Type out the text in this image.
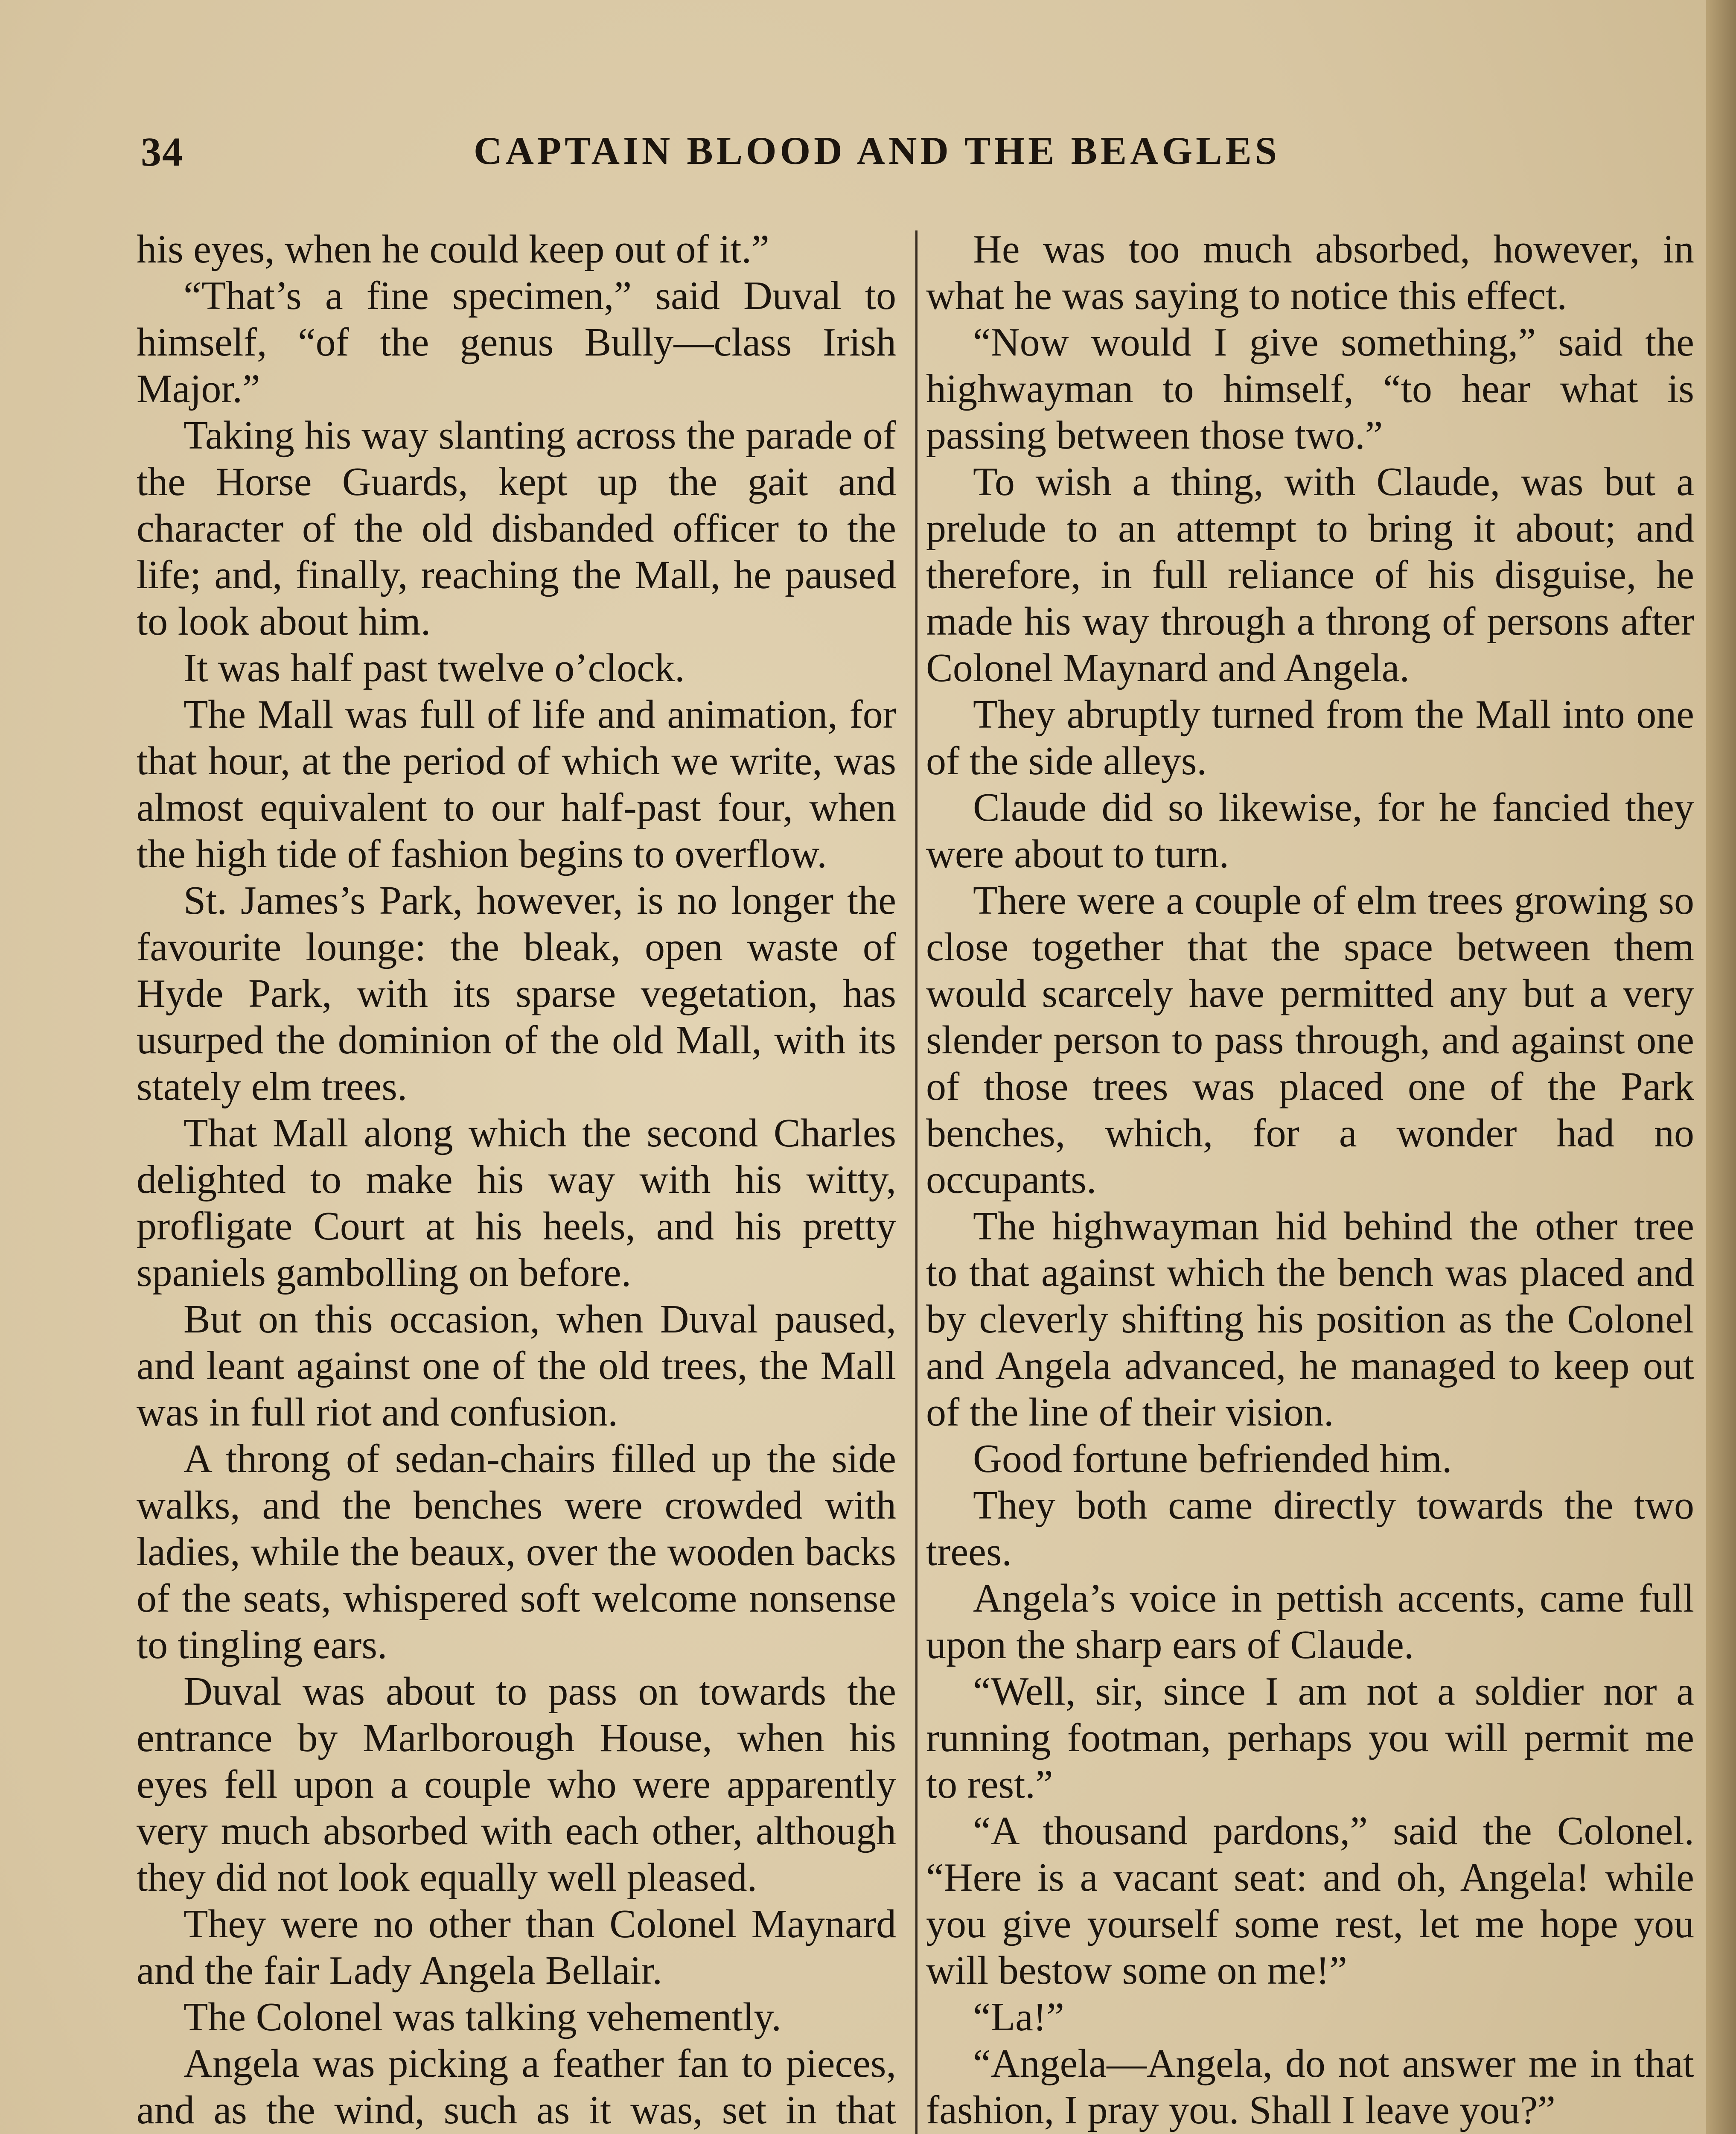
34	CAPTAIN BLOOD AND THE BEAGLES

his eyes, when he could keep out of it.”

“That’s a fine specimen,” said Duval to himself, “of the genus Bully—class Irish Major.”

Taking his way slanting across the parade of the Horse Guards, kept up the gait and character of the old disbanded officer to the life; and, finally, reaching the Mall, he paused to look about him.

It was half past twelve o’clock.

The Mall was full of life and animation, for that hour, at the period of which we write, was almost equivalent to our half-past four, when the high tide of fashion begins to overflow.

St. James’s Park, however, is no longer the favourite lounge: the bleak, open waste of Hyde Park, with its sparse vegetation, has usurped the dominion of the old Mall, with its stately elm trees.

That Mall along which the second Charles delighted to make his way with his witty, profligate Court at his heels, and his pretty spaniels gambolling on before.

But on this occasion, when Duval paused, and leant against one of the old trees, the Mall was in full riot and confusion.

A throng of sedan-chairs filled up the side walks, and the benches were crowded with ladies, while the beaux, over the wooden backs of the seats, whispered soft welcome nonsense to tingling ears.

Duval was about to pass on towards the entrance by Marlborough House, when his eyes fell upon a couple who were apparently very much absorbed with each other, although they did not look equally well pleased.

They were no other than Colonel Maynard and the fair Lady Angela Bellair.

The Colonel was talking vehemently.

Angela was picking a feather fan to pieces, and as the wind, such as it was, set in that

He was too much absorbed, however, in what he was saying to notice this effect.

“Now would I give something,” said the highwayman to himself, “to hear what is passing between those two.”

To wish a thing, with Claude, was but a prelude to an attempt to bring it about; and therefore, in full reliance of his disguise, he made his way through a throng of persons after Colonel Maynard and Angela.

They abruptly turned from the Mall into one of the side alleys.

Claude did so likewise, for he fancied they were about to turn.

There were a couple of elm trees growing so close together that the space between them would scarcely have permitted any but a very slender person to pass through, and against one of those trees was placed one of the Park benches, which, for a wonder had no occupants.

The highwayman hid behind the other tree to that against which the bench was placed and by cleverly shifting his position as the Colonel and Angela advanced, he managed to keep out of the line of their vision.

Good fortune befriended him.

They both came directly towards the two trees.

Angela’s voice in pettish accents, came full upon the sharp ears of Claude.

“Well, sir, since I am not a soldier nor a running footman, perhaps you will permit me to rest.”

“A thousand pardons,” said the Colonel. “Here is a vacant seat: and oh, Angela! while you give yourself some rest, let me hope you will bestow some on me!”

“La!”

“Angela—Angela, do not answer me in that fashion, I pray you. Shall I leave you?”
